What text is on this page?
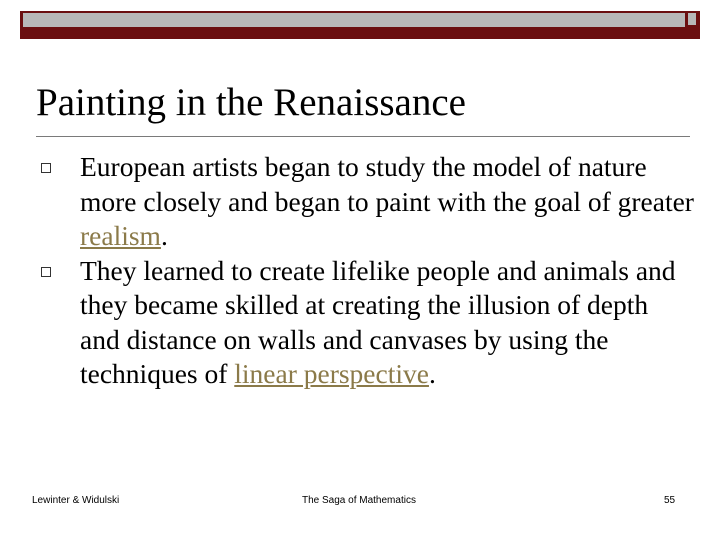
Painting in the Renaissance
European artists began to study the model of nature more closely and began to paint with the goal of greater realism.
They learned to create lifelike people and animals and they became skilled at creating the illusion of depth and distance on walls and canvases by using the techniques of linear perspective.
Lewinter & Widulski	The Saga of Mathematics	55
